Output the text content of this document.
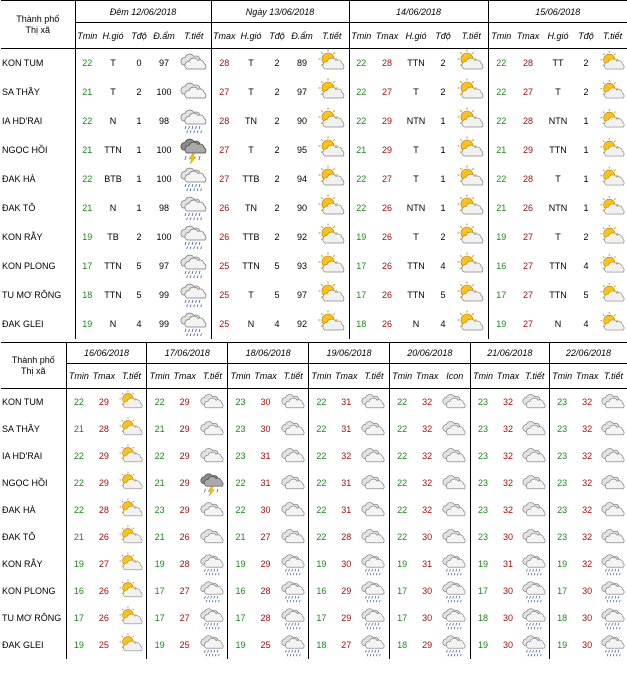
Thành phố
Thị xã	Đêm 12/06/2018					Ngày 13/06/2018					14/06/2018					15/06/2018				
	Tmin	H.gió	Tđộ	Đ.ẩm	T.tiết	Tmax	H.gió	Tđộ	Đ.ẩm	T.tiết	Tmin	Tmax	H.gió	Tđộ	T.tiết	Tmin	Tmax	H.gió	Tđộ	T.tiết
KON TUM	22	T	0	97		28	T	2	89		22	28	TTN	2		22	28	TT	2	

SA THẦY	21	T	2	100		27	T	2	97		22	27	T	2		22	27	T	2	

IA HD'RAI	22	N	1	98		28	TN	2	90		22	29	NTN	1		22	28	NTN	1	

NGỌC HỒI	21	TTN	1	100		27	T	2	95		21	29	T	1		21	29	TTN	1	

ĐAK HÀ	22	BTB	1	100		27	TTB	2	94		22	27	T	1		22	28	T	1	

ĐAK TÔ	21	N	1	98		26	TN	2	90		22	26	NTN	1		21	26	NTN	1	

KON RẪY	19	TB	2	100		26	TTB	2	92		19	26	T	2		19	27	T	2	

KON PLONG	17	TTN	5	97		25	TTN	5	93		17	26	TTN	4		16	27	TTN	4	

TU MƠ RÔNG	18	TTN	5	99		25	T	5	97		17	26	TTN	5		17	27	TTN	5	

ĐAK GLEI	19	N	4	99		25	N	4	92		18	26	N	4		19	27	N	4	
Thành phố
Thị xã	16/06/2018			17/06/2018			18/06/2018			19/06/2018			20/06/2018			21/06/2018			22/06/2018		
	Tmin	Tmax	T.tiết	Tmin	Tmax	T.tiết	Tmin	Tmax	T.tiết	Tmin	Tmax	T.tiết	Tmin	Tmax	Icon	Tmin	Tmax	T.tiết	Tmin	Tmax	T.tiết
KON TUM	22	29		22	29		23	30		22	31		22	32		23	32		23	32	

SA THẦY	21	28		21	29		23	30		22	31		22	32		23	32		23	32	

IA HD'RAI	22	29		22	29		23	31		22	32		22	32		23	32		23	32	

NGỌC HỒI	22	29		21	29		22	31		22	31		22	32		23	32		23	32	

ĐAK HÀ	22	28		23	29		22	30		22	31		22	32		23	32		23	32	

ĐAK TÔ	21	26		21	26		21	27		22	28		22	30		23	30		23	32	

KON RẪY	19	27		19	28		19	29		19	30		19	31		19	31		19	32	

KON PLONG	16	26		17	27		16	28		16	29		17	30		17	30		17	30	

TU MƠ RÔNG	17	26		17	27		17	28		17	29		17	30		18	30		18	30	

ĐAK GLEI	19	25		19	25		19	25		18	27		18	29		19	30		19	30	
